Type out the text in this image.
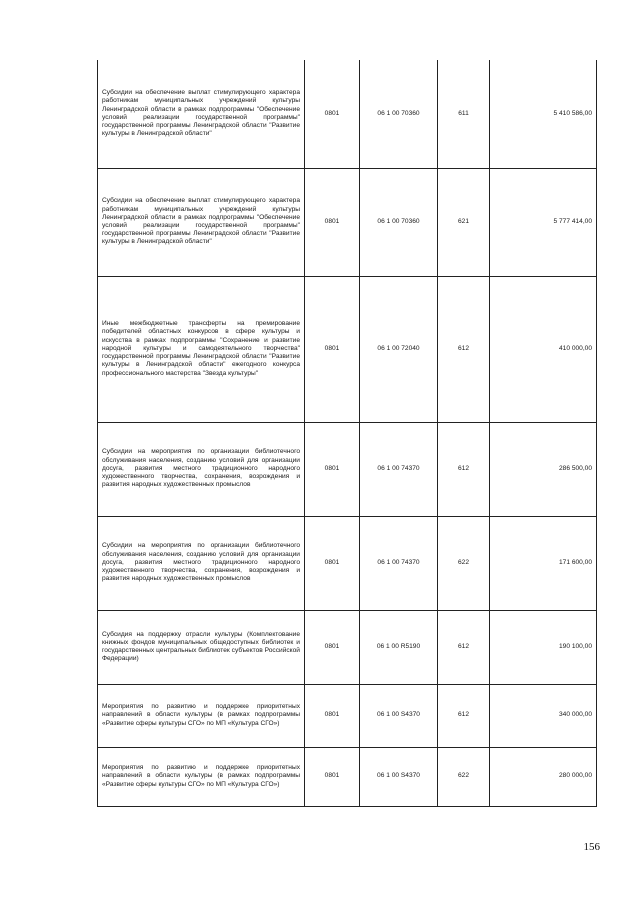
Субсидии на обеспечение выплат стимулирующего характера работникам муниципальных учреждений культуры Ленинградской области в рамках подпрограммы "Обеспечение условий реализации государственной программы" государственной программы Ленинградской области "Развитие культуры в Ленинградской области"	0801	06 1 00 70360	611	5 410 586,00
Субсидии на обеспечение выплат стимулирующего характера работникам муниципальных учреждений культуры Ленинградской области в рамках подпрограммы "Обеспечение условий реализации государственной программы" государственной программы Ленинградской области "Развитие культуры в Ленинградской области"	0801	06 1 00 70360	621	5 777 414,00
Иные межбюджетные трансферты на премирование победителей областных конкурсов в сфере культуры и искусства в рамках подпрограммы "Сохранение и развитие народной культуры и самодеятельного творчества" государственной программы Ленинградской области "Развитие культуры в Ленинградской области" ежегодного конкурса профессионального мастерства "Звезда культуры"	0801	06 1 00 72040	612	410 000,00
Субсидии на мероприятия по организации библиотечного обслуживания населения, созданию условий для организации досуга, развития местного традиционного народного художественного творчества, сохранения, возрождения и развития народных художественных промыслов	0801	06 1 00 74370	612	286 500,00
Субсидии на мероприятия по организации библиотечного обслуживания населения, созданию условий для организации досуга, развития местного традиционного народного художественного творчества, сохранения, возрождения и развития народных художественных промыслов	0801	06 1 00 74370	622	171 600,00
Субсидия на поддержку отрасли культуры (Комплектование книжных фондов муниципальных общедоступных библиотек и государственных центральных библиотек субъектов Российской Федерации)	0801	06 1 00 R5190	612	190 100,00
Мероприятия по развитию и поддержке приоритетных направлений в области культуры (в рамках подпрограммы «Развитие сферы культуры СГО» по МП «Культура СГО»)	0801	06 1 00 S4370	612	340 000,00
Мероприятия по развитию и поддержке приоритетных направлений в области культуры (в рамках подпрограммы «Развитие сферы культуры СГО» по МП «Культура СГО»)	0801	06 1 00 S4370	622	280 000,00
156
